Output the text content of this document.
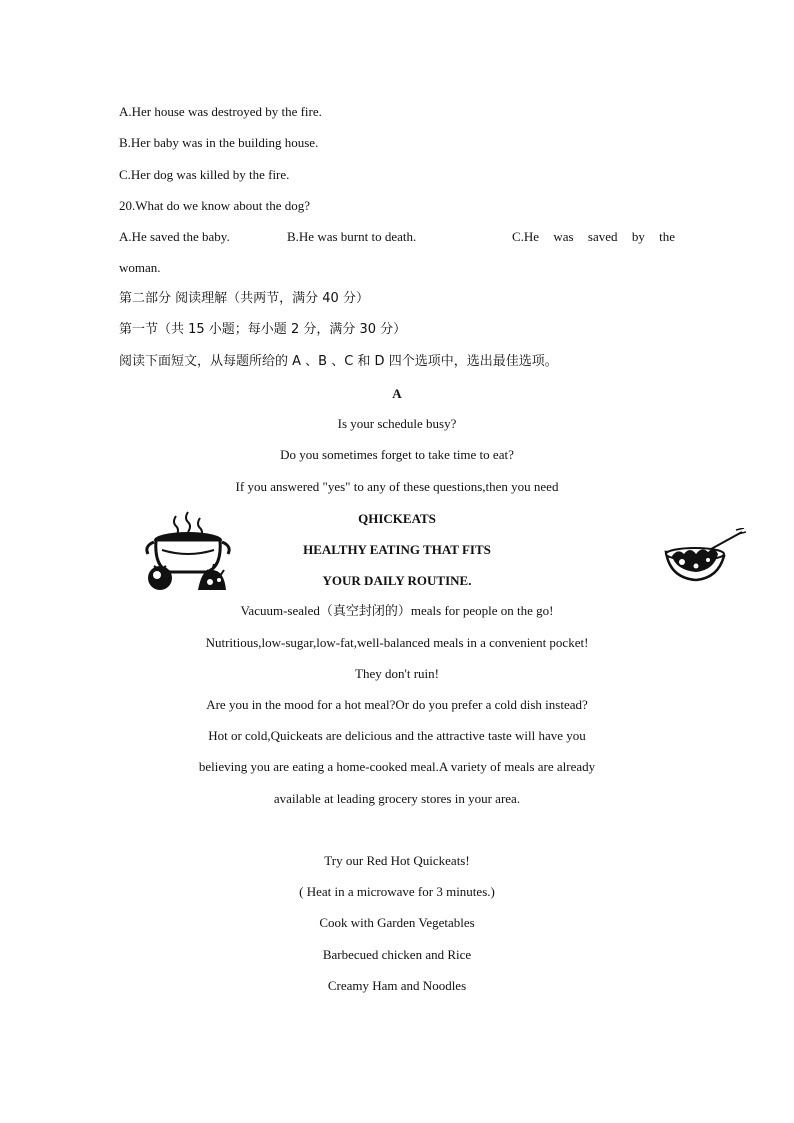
A.Her house was destroyed by the fire.
B.Her baby was in the building house.
C.Her dog was killed by the fire.
20.What do we know about the dog?
A.He saved the baby.	B.He was burnt to death.	C.He was saved by the
woman.
第二部分 阅读理解（共两节，满分 40 分）
第一节（共 15 小题；每小题 2 分，满分 30 分）
阅读下面短文，从每题所给的 A 、B 、C 和 D 四个选项中，选出最佳选项。
A
Is your schedule busy?
Do you sometimes forget to take time to eat?
If you answered "yes" to any of these questions,then you need
QHICKEATS
HEALTHY EATING THAT FITS
YOUR DAILY ROUTINE.
Vacuum-sealed（真空封闭的）meals for people on the go!
Nutritious,low-sugar,low-fat,well-balanced meals in a convenient pocket!
They don't ruin!
Are you in the mood for a hot meal?Or do you prefer a cold dish instead?
Hot or cold,Quickeats are delicious and the attractive taste will have you
believing you are eating a home-cooked meal.A variety of meals are already
available at leading grocery stores in your area.
Try our Red Hot Quickeats!
( Heat in a microwave for 3 minutes.)
Cook with Garden Vegetables
Barbecued chicken and Rice
Creamy Ham and Noodles
